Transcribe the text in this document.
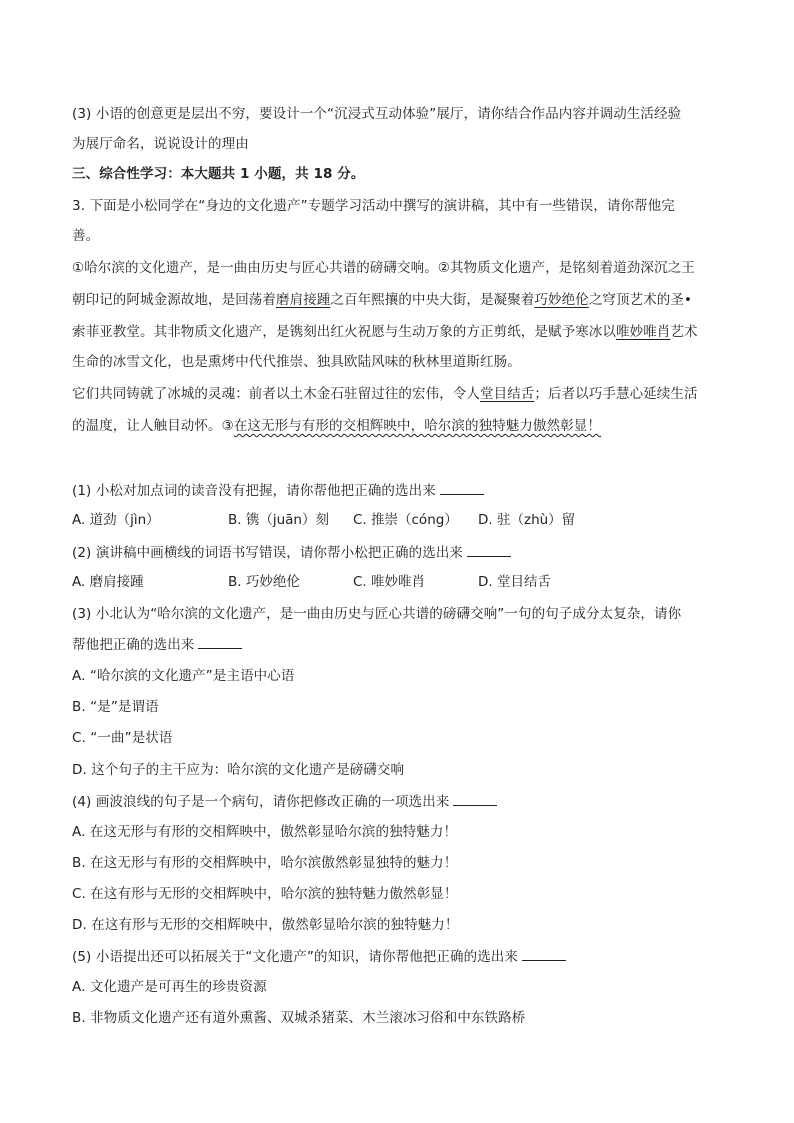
(3) 小语的创意更是层出不穷，要设计一个“沉浸式互动体验”展厅，请你结合作品内容并调动生活经验
为展厅命名，说说设计的理由
三、综合性学习：本大题共 1 小题，共 18 分。
3. 下面是小松同学在“身边的文化遗产”专题学习活动中撰写的演讲稿，其中有一些错误，请你帮他完
善。
①哈尔滨的文化遗产，是一曲由历史与匠心共谱的磅礴交响。②其物质文化遗产，是铭刻着道劲深沉之王
朝印记的阿城金源故地，是回荡着磨肩接踵之百年熙攘的中央大街，是凝聚着巧妙绝伦之穹顶艺术的圣•
索菲亚教堂。其非物质文化遗产，是镌刻出红火祝愿与生动万象的方正剪纸，是赋予寒冰以唯妙唯肖艺术
生命的冰雪文化，也是熏烤中代代推崇、独具欧陆风味的秋林里道斯红肠。
它们共同铸就了冰城的灵魂：前者以土木金石驻留过往的宏伟，令人堂目结舌；后者以巧手慧心延续生活
的温度，让人触目动怀。③在这无形与有形的交相辉映中，哈尔滨的独特魅力傲然彰显！
(1) 小松对加点词的读音没有把握，请你帮他把正确的选出来
A. 道劲（jìn）	B. 镌（juān）刻 C. 推崇（cóng） D. 驻（zhù）留
(2) 演讲稿中画横线的词语书写错误，请你帮小松把正确的选出来
A. 磨肩接踵	B. 巧妙绝伦	C. 唯妙唯肖	D. 堂目结舌
(3) 小北认为“哈尔滨的文化遗产，是一曲由历史与匠心共谱的磅礴交响”一句的句子成分太复杂，请你
帮他把正确的选出来
A. “哈尔滨的文化遗产”是主语中心语
B. “是”是谓语
C. “一曲”是状语
D. 这个句子的主干应为：哈尔滨的文化遗产是磅礴交响
(4) 画波浪线的句子是一个病句，请你把修改正确的一项选出来
A. 在这无形与有形的交相辉映中，傲然彰显哈尔滨的独特魅力！
B. 在这无形与有形的交相辉映中，哈尔滨傲然彰显独特的魅力！
C. 在这有形与无形的交相辉映中，哈尔滨的独特魅力傲然彰显！
D. 在这有形与无形的交相辉映中，傲然彰显哈尔滨的独特魅力！
(5) 小语提出还可以拓展关于“文化遗产”的知识，请你帮他把正确的选出来
A. 文化遗产是可再生的珍贵资源
B. 非物质文化遗产还有道外熏酱、双城杀猪菜、木兰滚冰习俗和中东铁路桥
